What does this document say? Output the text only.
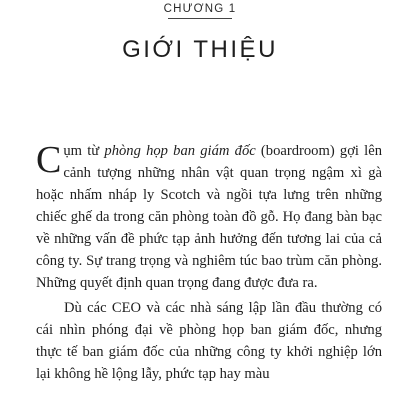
CHƯƠNG 1
GIỚI THIỆU

Cụm từ phòng họp ban giám đốc (boardroom) gợi lên cảnh tượng những nhân vật quan trọng ngậm xì gà hoặc nhấm nháp ly Scotch và ngồi tựa lưng trên những chiếc ghế da trong căn phòng toàn đồ gỗ. Họ đang bàn bạc về những vấn đề phức tạp ảnh hưởng đến tương lai của cả công ty. Sự trang trọng và nghiêm túc bao trùm căn phòng. Những quyết định quan trọng đang được đưa ra.

Dù các CEO và các nhà sáng lập lần đầu thường có cái nhìn phóng đại về phòng họp ban giám đốc, nhưng thực tế ban giám đốc của những công ty khởi nghiệp lớn lại không hề lộng lẫy, phức tạp hay màu
